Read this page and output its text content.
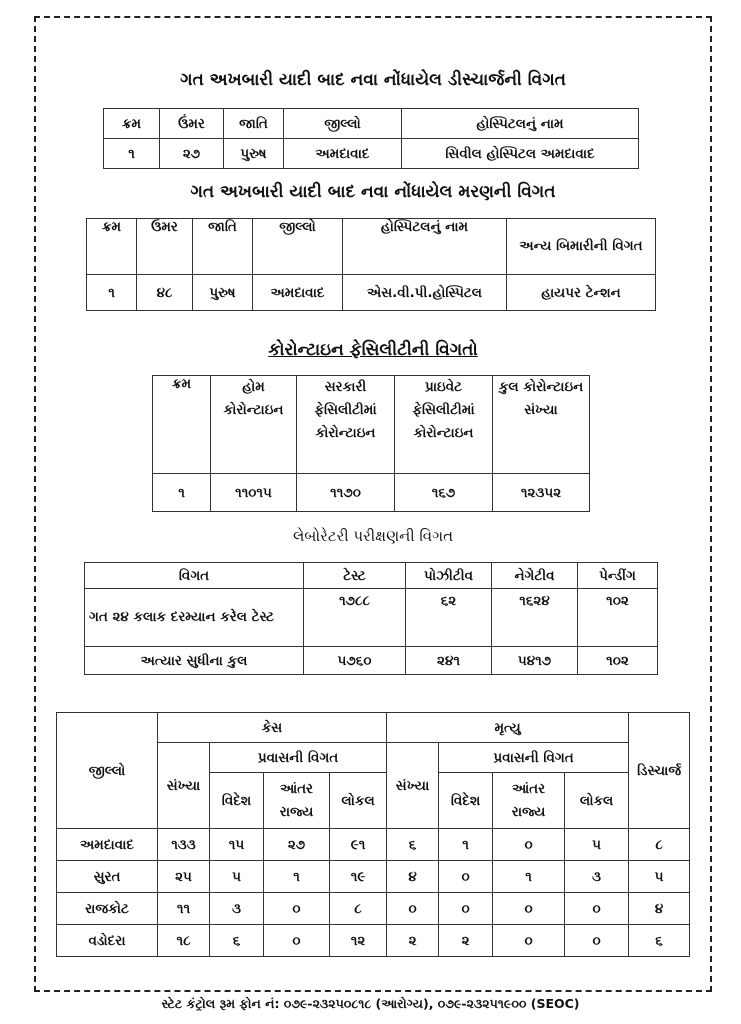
ગત અખબારી યાદી બાદ નવા નોંધાયેલ ડીસ્ચાર્જની વિગત
ક્રમ	ઉંમર	જાતિ	જીલ્લો	હોસ્પિટલનું નામ
૧	૨૭	પુરુષ	અમદાવાદ	સિવીલ હોસ્પિટલ અમદાવાદ
ગત અખબારી યાદી બાદ નવા નોંધાયેલ મરણની વિગત
ક્રમ	ઉંમર	જાતિ	જીલ્લો	હોસ્પિટલનું નામ	અન્ય બિમારીની વિગત
૧	૪૮	પુરુષ	અમદાવાદ	એસ.વી.પી.હોસ્પિટલ	હાયપર ટેન્શન
કોરોન્ટાઇન ફેસિલીટીની વિગતો
ક્રમ	હોમ કોરોન્ટાઇન	સરકારી ફેસિલીટીમાં કોરોન્ટાઇન	પ્રાઇવેટ ફેસિલીટીમાં કોરોન્ટાઇન	કુલ કોરોન્ટાઇન સંખ્યા
૧	૧૧૦૧૫	૧૧૭૦	૧૬૭	૧૨૩૫૨
લેબોરેટરી પરીક્ષણની વિગત
વિગત	ટેસ્ટ	પોઝીટીવ	નેગેટીવ	પેન્ડીંગ
ગત ૨૪ કલાક દરમ્યાન કરેલ ટેસ્ટ	૧૭૮૮	૬૨	૧૬૨૪	૧૦૨
અત્યાર સુધીના કુલ	૫૭૬૦	૨૪૧	૫૪૧૭	૧૦૨
જીલ્લો	કેસ				મૃત્યુ				ડિસ્ચાર્જ
	સંખ્યા	પ્રવાસની વિગત			સંખ્યા	પ્રવાસની વિગત			
		વિદેશ	આંતર રાજ્ય	લોકલ		વિદેશ	આંતર રાજ્ય	લોકલ	
અમદાવાદ	૧૩૩	૧૫	૨૭	૯૧	૬	૧	૦	૫	૮
સુરત	૨૫	૫	૧	૧૯	૪	૦	૧	૩	૫
રાજકોટ	૧૧	૩	૦	૮	૦	૦	૦	૦	૪
વડોદરા	૧૮	૬	૦	૧૨	૨	૨	૦	૦	૬
સ્ટેટ કંટ્રોલ રૂમ ફોન નં: ૦૭૯-૨૩૨૫૦૮૧૮ (આરોગ્ય), ૦૭૯-૨૩૨૫૧૯૦૦ (SEOC)
